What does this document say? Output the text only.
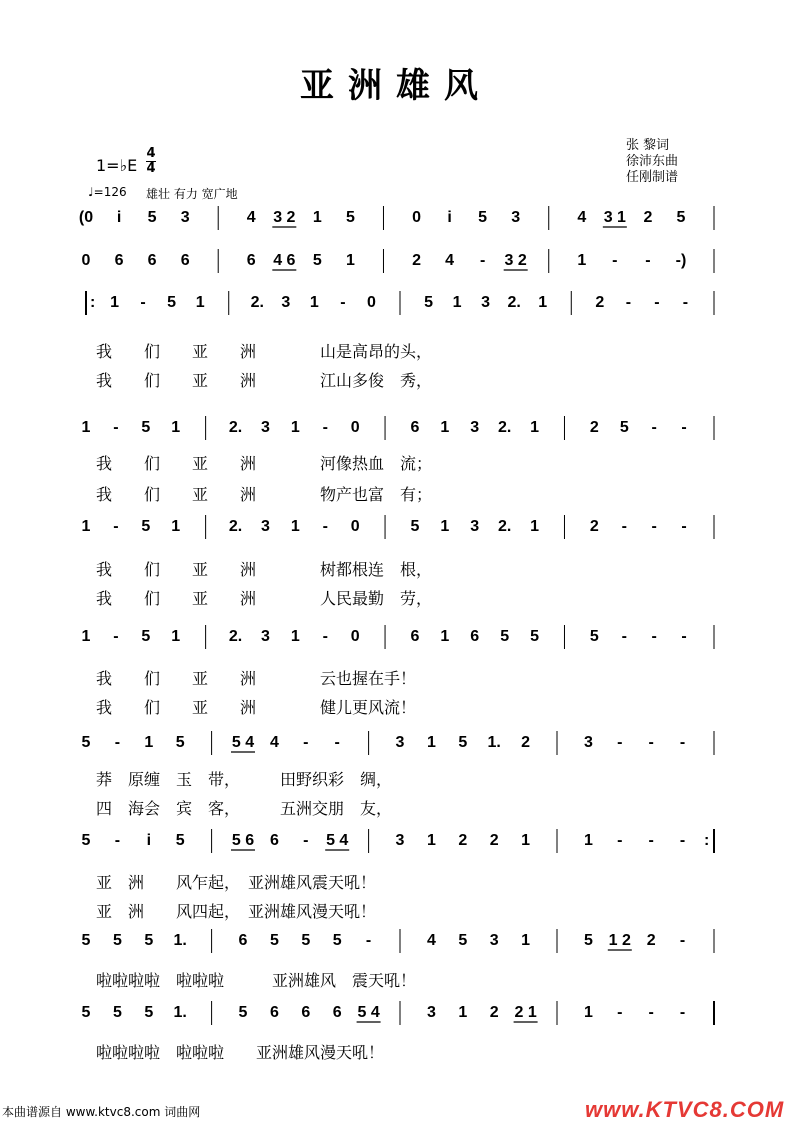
亚洲雄风
张 黎词
徐沛东曲
任刚制谱
1=♭E
4
4
♩=126 雄壮 有力 宽广地
(0 i 5 3	4 3 2 1 5	0 i 5 3	4 3 1 2 5
0 6 6 6	6 4 6 5 1	2 4 - 3 2	1 - - -)
: 1 - 5 1	2. 3 1 - 0	5 1 3 2. 1	2 - - -
1 - 5 1	2. 3 1 - 0	6 1 3 2. 1	2 5 - -
1 - 5 1	2. 3 1 - 0	5 1 3 2. 1	2 - - -
1 - 5 1	2. 3 1 - 0	6 1 6 5 5	5 - - -
5 - 1 5	5 4 4 - -	3 1 5 1. 2	3 - - -
5 - i 5	5 6 6 - 5 4	3 1 2 2 1	1 - - - :
5 5 5 1.	6 5 5 5 -	4 5 3 1	5 1 2 2 -
5 5 5 1.	5 6 6 6 5 4	3 1 2 2 1	1 - - -
我　　们　　亚　　洲　　　　山是高昂的头，
我　　们　　亚　　洲　　　　江山多俊　秀，
我　　们　　亚　　洲　　　　河像热血　流；
我　　们　　亚　　洲　　　　物产也富　有；
我　　们　　亚　　洲　　　　树都根连　根，
我　　们　　亚　　洲　　　　人民最勤　劳，
我　　们　　亚　　洲　　　　云也握在手！
我　　们　　亚　　洲　　　　健儿更风流！
莽　原缠　玉　带，　　　田野织彩　绸，
四　海会　宾　客，　　　五洲交朋　友，
亚　洲　　风乍起，　亚洲雄风震天吼！
亚　洲　　风四起，　亚洲雄风漫天吼！
啦啦啦啦　啦啦啦　　　亚洲雄风　震天吼！
啦啦啦啦　啦啦啦　　亚洲雄风漫天吼！
本曲谱源自 www.ktvc8.com 词曲网	www.KTVC8.COM
